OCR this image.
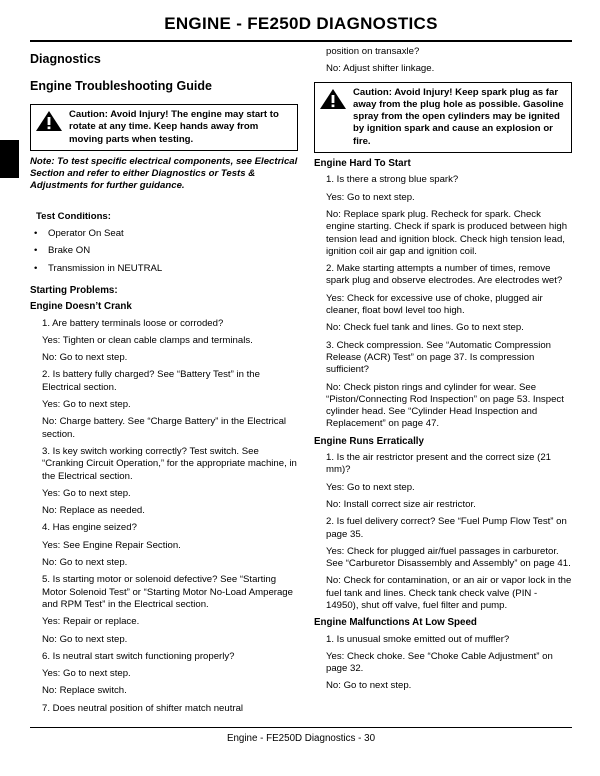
ENGINE - FE250D DIAGNOSTICS
Diagnostics
Engine Troubleshooting Guide
Caution: Avoid Injury! The engine may start to rotate at any time. Keep hands away from moving parts when testing.

Note: To test specific electrical components, see Electrical Section and refer to either Diagnostics or Tests & Adjustments for further guidance.

Test Conditions:
• Operator On Seat
• Brake ON
• Transmission in NEUTRAL
Starting Problems:
Engine Doesn’t Crank

1. Are battery terminals loose or corroded?

Yes: Tighten or clean cable clamps and terminals.

No: Go to next step.

2. Is battery fully charged? See “Battery Test” in the Electrical section.

Yes: Go to next step.

No: Charge battery. See “Charge Battery” in the Electrical section.

3. Is key switch working correctly? Test switch. See “Cranking Circuit Operation,” for the appropriate machine, in the Electrical section.

Yes: Go to next step.

No: Replace as needed.

4. Has engine seized?

Yes: See Engine Repair Section.

No: Go to next step.

5. Is starting motor or solenoid defective? See “Starting Motor Solenoid Test” or “Starting Motor No-Load Amperage and RPM Test” in the Electrical section.

Yes: Repair or replace.

No: Go to next step.

6. Is neutral start switch functioning properly?

Yes: Go to next step.

No: Replace switch.

7. Does neutral position of shifter match neutral

position on transaxle?

No: Adjust shifter linkage.

Caution: Avoid Injury! Keep spark plug as far away from the plug hole as possible. Gasoline spray from the open cylinders may be ignited by ignition spark and cause an explosion or fire.
Engine Hard To Start

1. Is there a strong blue spark?

Yes: Go to next step.

No: Replace spark plug. Recheck for spark. Check engine starting. Check if spark is produced between high tension lead and ignition block. Check high tension lead, ignition coil air gap and ignition coil.

2. Make starting attempts a number of times, remove spark plug and observe electrodes. Are electrodes wet?

Yes: Check for excessive use of choke, plugged air cleaner, float bowl level too high.

No: Check fuel tank and lines. Go to next step.

3. Check compression. See “Automatic Compression Release (ACR) Test” on page 37. Is compression sufficient?

No: Check piston rings and cylinder for wear. See “Piston/Connecting Rod Inspection” on page 53. Inspect cylinder head. See “Cylinder Head Inspection and Replacement” on page 47.

Engine Runs Erratically

1. Is the air restrictor present and the correct size (21 mm)?

Yes: Go to next step.

No: Install correct size air restrictor.

2. Is fuel delivery correct? See “Fuel Pump Flow Test” on page 35.

Yes: Check for plugged air/fuel passages in carburetor. See “Carburetor Disassembly and Assembly” on page 41.

No: Check for contamination, or an air or vapor lock in the fuel tank and lines. Check tank check valve (PIN - 14950), shut off valve, fuel filter and pump.

Engine Malfunctions At Low Speed

1. Is unusual smoke emitted out of muffler?

Yes: Check choke. See “Choke Cable Adjustment” on page 32.

No: Go to next step.

Engine - FE250D Diagnostics - 30
